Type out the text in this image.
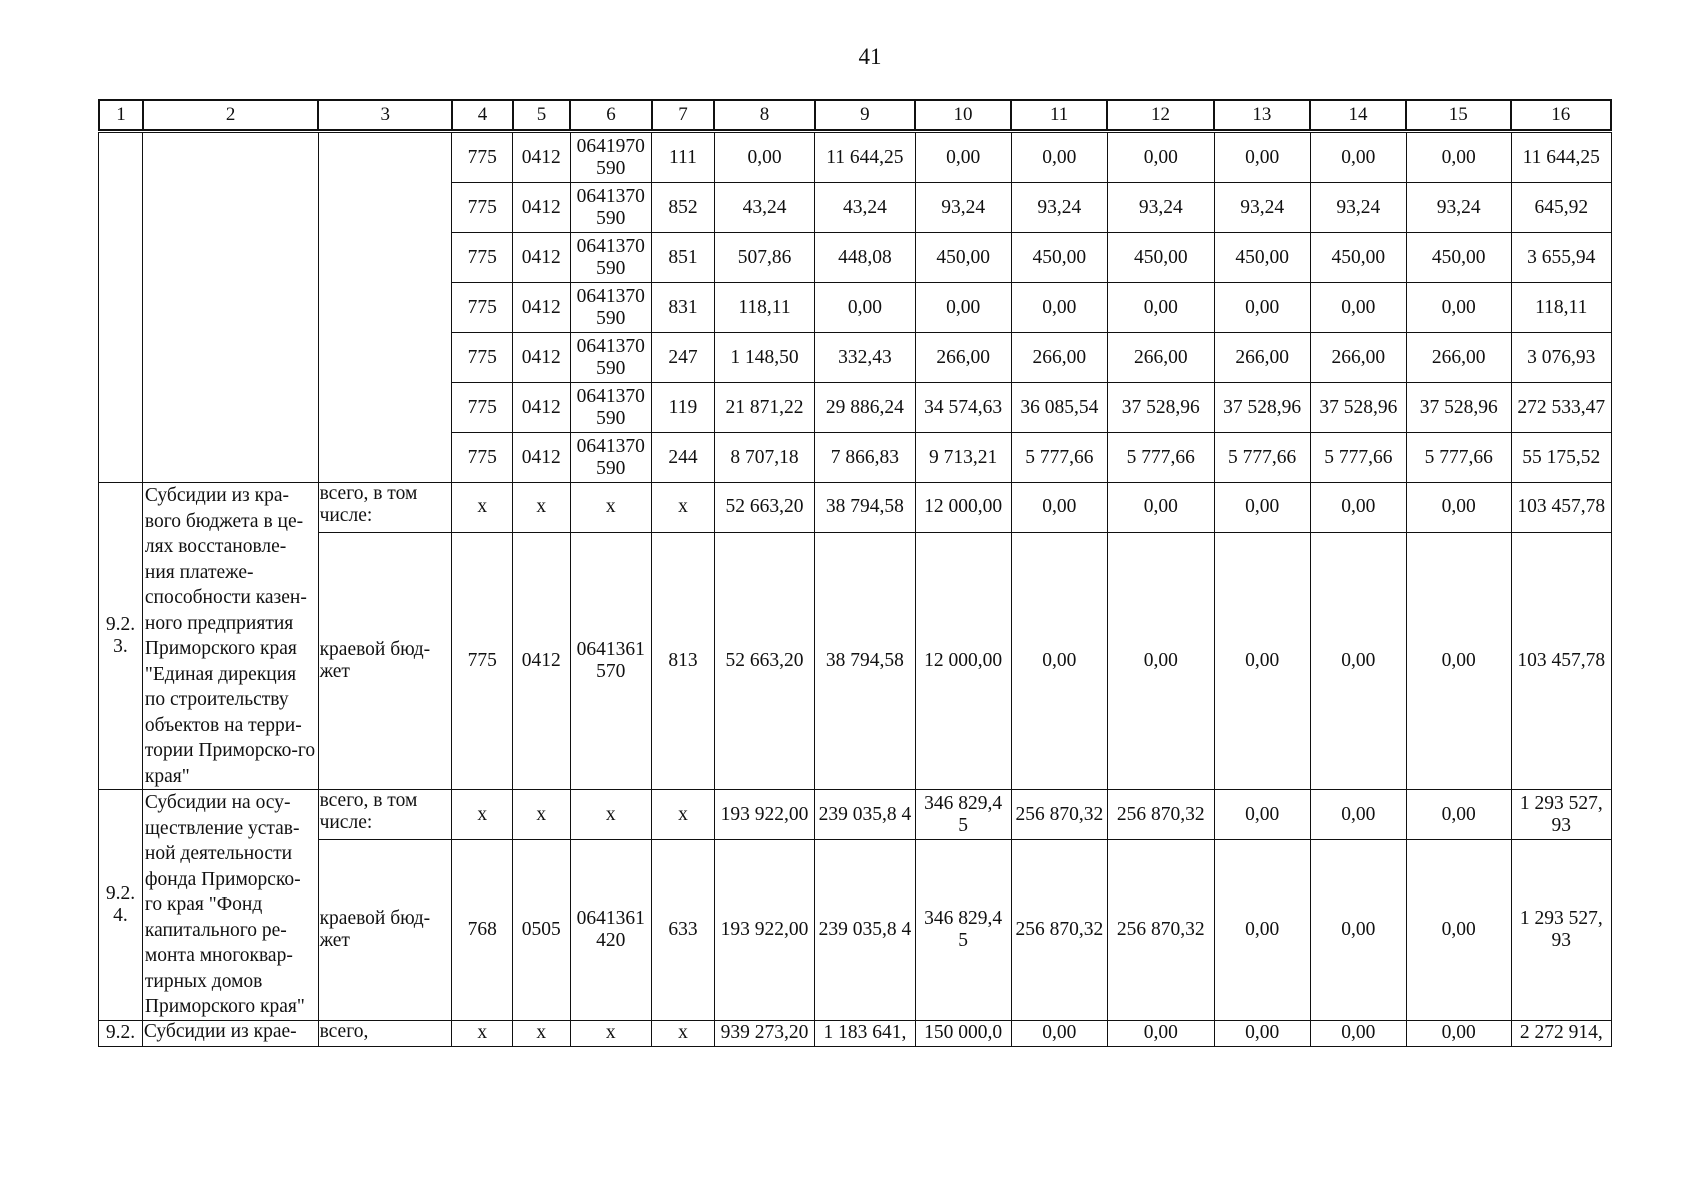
41
1	2	3	4	5	6	7	8	9	10	11	12	13	14	15	16
			775	0412	0641970 590	111	0,00	11 644,25	0,00	0,00	0,00	0,00	0,00	0,00	11 644,25
			775	0412	0641370 590	852	43,24	43,24	93,24	93,24	93,24	93,24	93,24	93,24	645,92
			775	0412	0641370 590	851	507,86	448,08	450,00	450,00	450,00	450,00	450,00	450,00	3 655,94
			775	0412	0641370 590	831	118,11	0,00	0,00	0,00	0,00	0,00	0,00	0,00	118,11
			775	0412	0641370 590	247	1 148,50	332,43	266,00	266,00	266,00	266,00	266,00	266,00	3 076,93
			775	0412	0641370 590	119	21 871,22	29 886,24	34 574,63	36 085,54	37 528,96	37 528,96	37 528,96	37 528,96	272 533,47
			775	0412	0641370 590	244	8 707,18	7 866,83	9 713,21	5 777,66	5 777,66	5 777,66	5 777,66	5 777,66	55 175,52
9.2. 3.	Субсидии из кра-вого бюджета в це-лях восстановле-ния платеже-способности казен-ного предприятия Приморского края "Единая дирекция по строительству объектов на терри-тории Приморско-го края"	всего, в том числе:	x	x	x	x	52 663,20	38 794,58	12 000,00	0,00	0,00	0,00	0,00	0,00	103 457,78
		краевой бюд-жет	775	0412	0641361 570	813	52 663,20	38 794,58	12 000,00	0,00	0,00	0,00	0,00	0,00	103 457,78
9.2. 4.	Субсидии на осу-ществление устав-ной деятельности фонда Приморско-го края "Фонд капитального ре-монта многоквар-тирных домов Приморского края"	всего, в том числе:	x	x	x	x	193 922,00	239 035,8 4	346 829,4 5	256 870,32	256 870,32	0,00	0,00	0,00	1 293 527, 93
		краевой бюд-жет	768	0505	0641361 420	633	193 922,00	239 035,8 4	346 829,4 5	256 870,32	256 870,32	0,00	0,00	0,00	1 293 527, 93
9.2.	Субсидии из крае-	всего,	x	x	x	x	939 273,20	1 183 641,	150 000,0	0,00	0,00	0,00	0,00	0,00	2 272 914,
